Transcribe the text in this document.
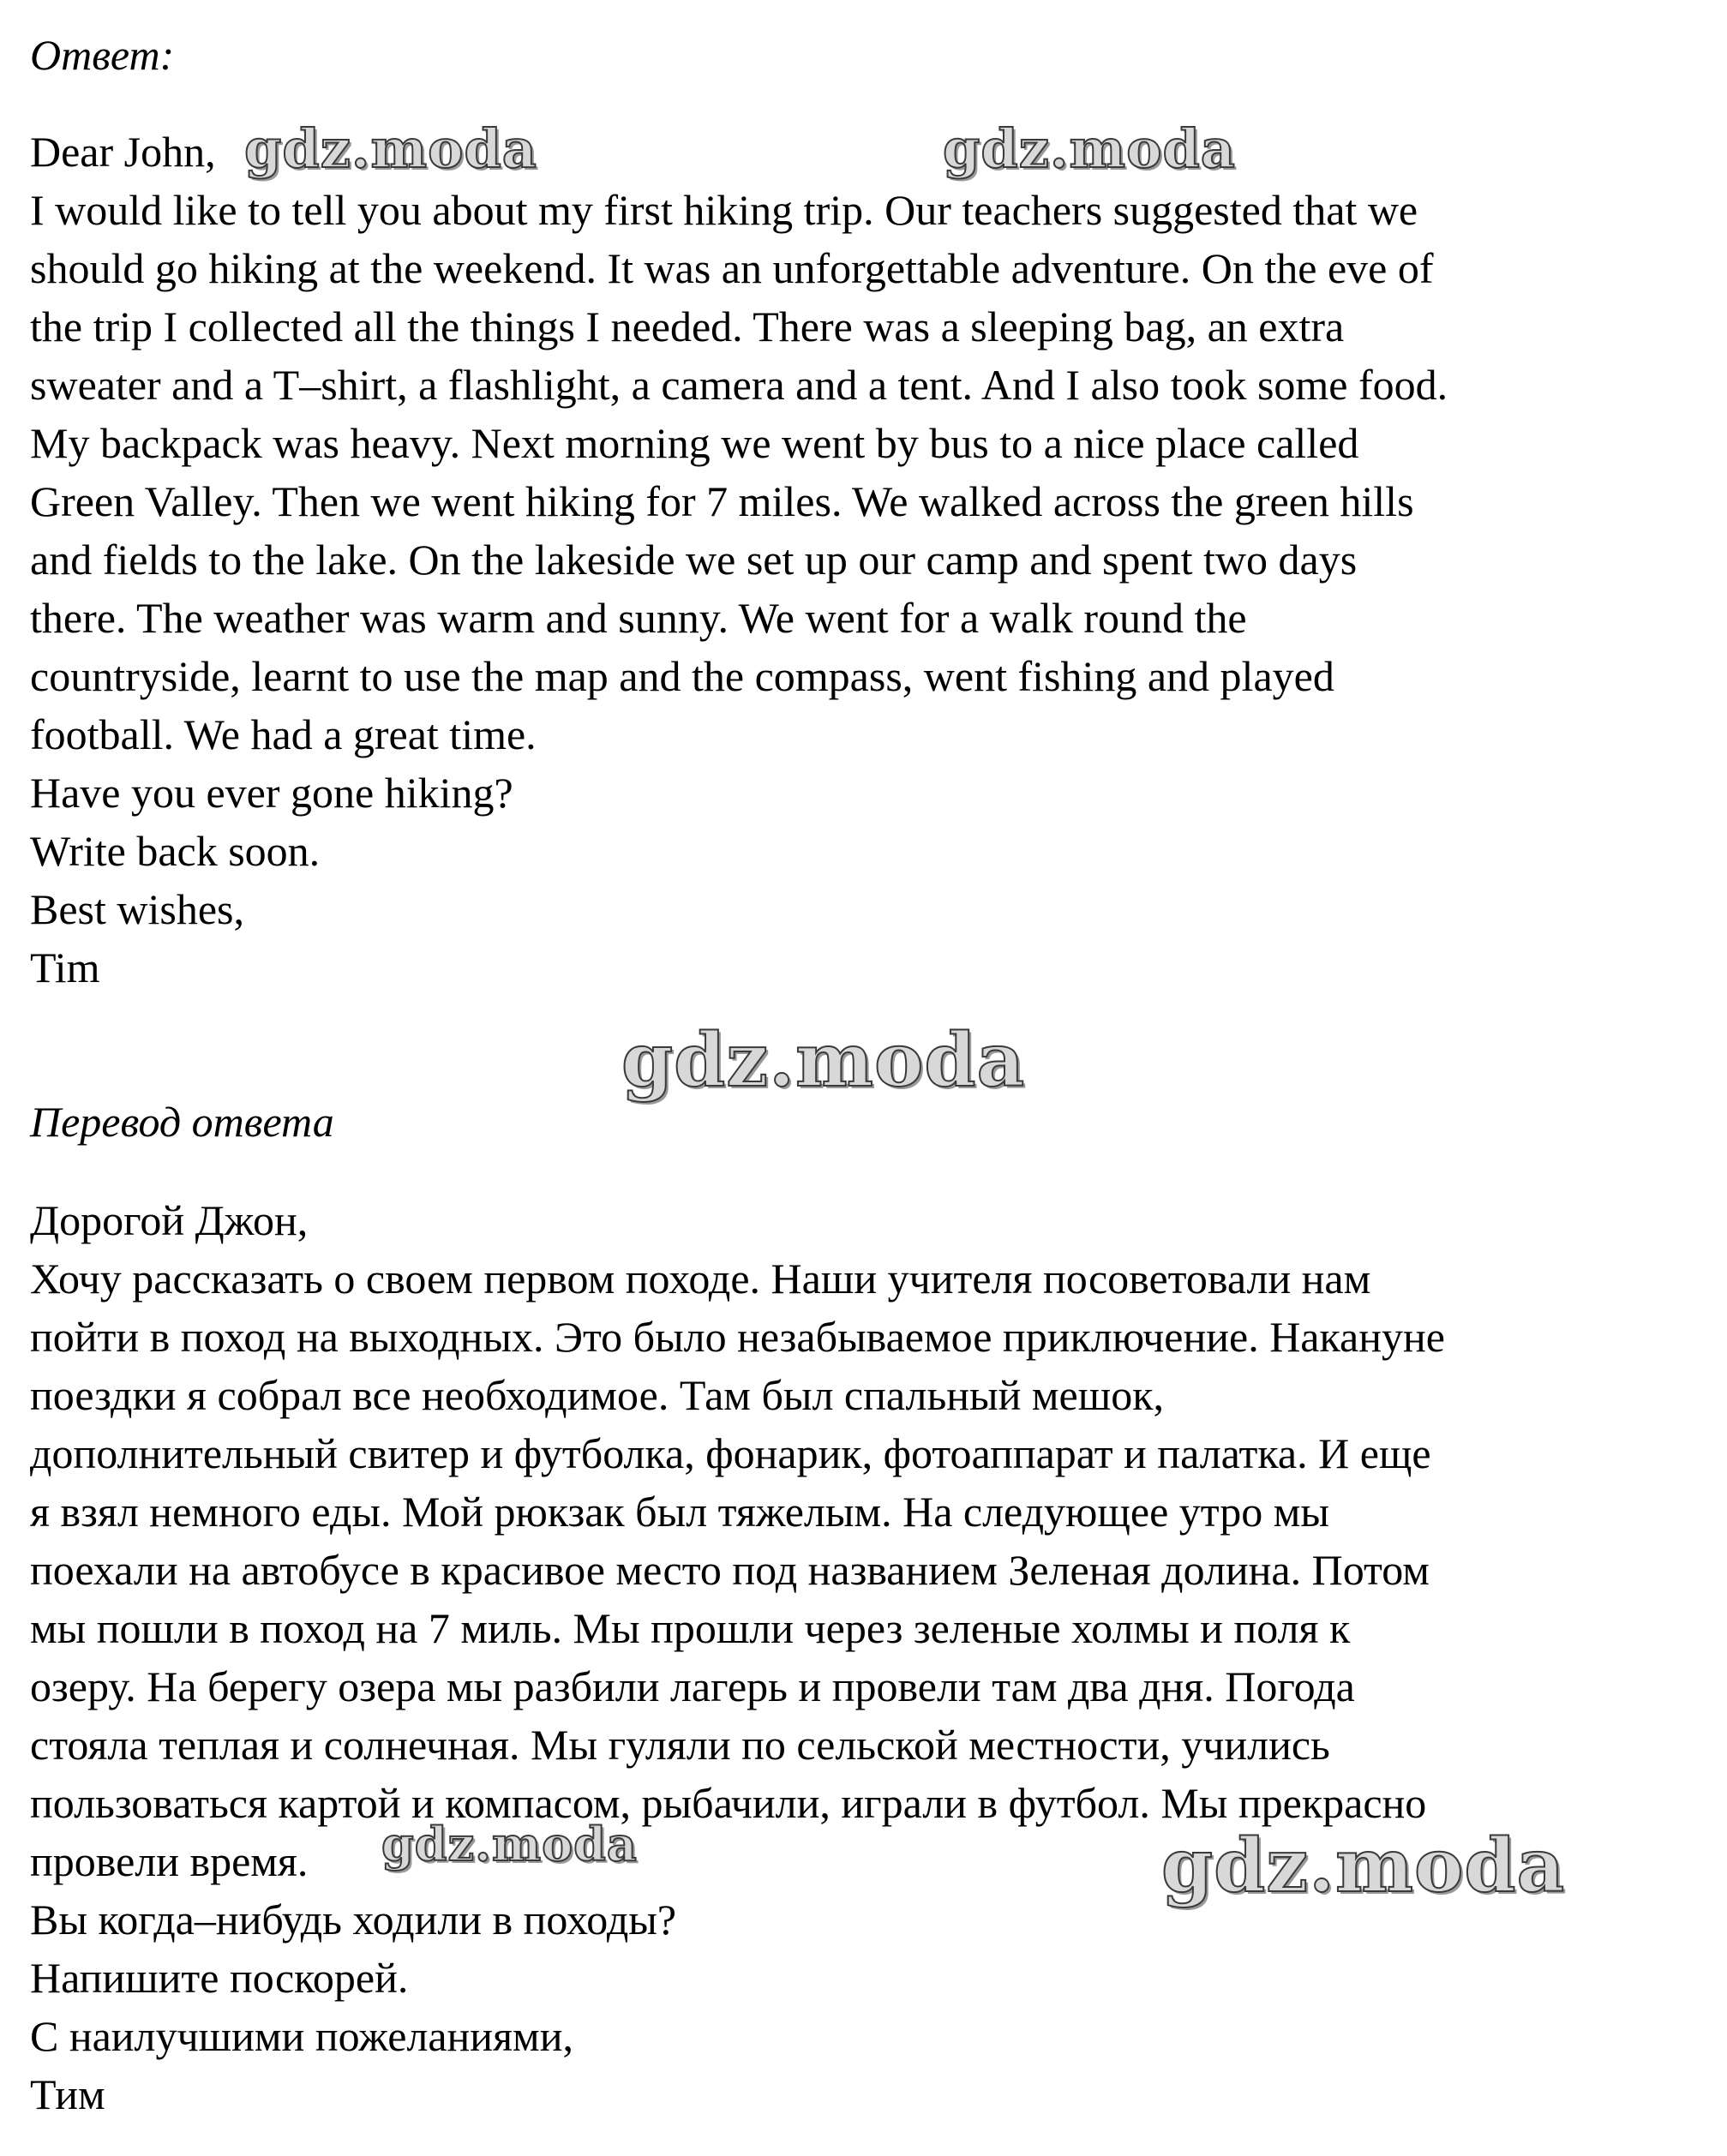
Ответ:
Dear John,
I would like to tell you about my first hiking trip. Our teachers suggested that we
should go hiking at the weekend. It was an unforgettable adventure. On the eve of
the trip I collected all the things I needed. There was a sleeping bag, an extra
sweater and a T–shirt, a flashlight, a camera and a tent. And I also took some food.
My backpack was heavy. Next morning we went by bus to a nice place called
Green Valley. Then we went hiking for 7 miles. We walked across the green hills
and fields to the lake. On the lakeside we set up our camp and spent two days
there. The weather was warm and sunny. We went for a walk round the
countryside, learnt to use the map and the compass, went fishing and played
football. We had a great time.
Have you ever gone hiking?
Write back soon.
Best wishes,
Tim
Перевод ответа
Дорогой Джон,
Хочу рассказать о своем первом походе. Наши учителя посоветовали нам
пойти в поход на выходных. Это было незабываемое приключение. Накануне
поездки я собрал все необходимое. Там был спальный мешок,
дополнительный свитер и футболка, фонарик, фотоаппарат и палатка. И еще
я взял немного еды. Мой рюкзак был тяжелым. На следующее утро мы
поехали на автобусе в красивое место под названием Зеленая долина. Потом
мы пошли в поход на 7 миль. Мы прошли через зеленые холмы и поля к
озеру. На берегу озера мы разбили лагерь и провели там два дня. Погода
стояла теплая и солнечная. Мы гуляли по сельской местности, учились
пользоваться картой и компасом, рыбачили, играли в футбол. Мы прекрасно
провели время.
Вы когда–нибудь ходили в походы?
Напишите поскорей.
С наилучшими пожеланиями,
Тим
gdz.moda	gdz.moda
gdz.moda
gdz.moda	gdz.moda
